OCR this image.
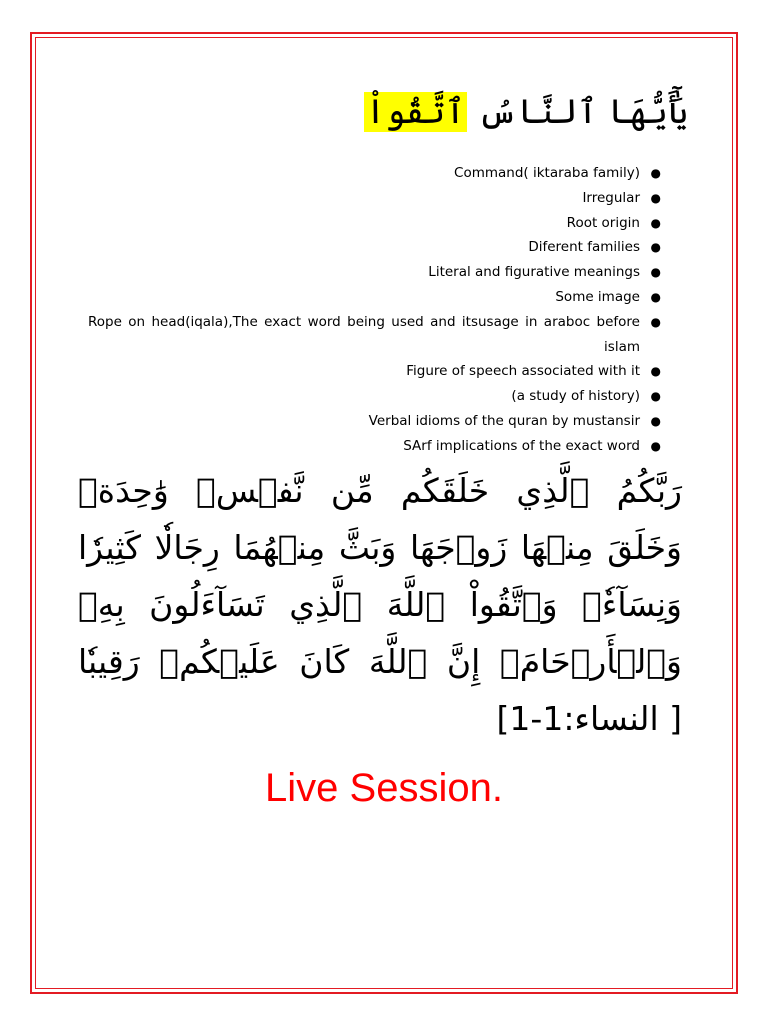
يَٰٓأَيُّهَا ٱلنَّاسُ ٱتَّقُواْ
Command( iktaraba family) ●
Irregular ●
Root origin ●
Diferent families ●
Literal and figurative meanings ●
Some image ●
Rope on head(iqala),The exact word being used and itsusage in araboc before islam
●
Figure of speech associated with it ●
(a study of history) ●
Verbal idioms of the quran by mustansir ●
SArf implications of the exact word ●
رَبَّكُمُ ٱلَّذِي خَلَقَكُم مِّن نَّفۡسٖ وَٰحِدَةٖ وَخَلَقَ مِنۡهَا زَوۡجَهَا وَبَثَّ مِنۡهُمَا رِجَالٗا كَثِيرٗا وَنِسَآءٗۚ وَٱتَّقُواْ ٱللَّهَ ٱلَّذِي تَسَآءَلُونَ بِهِۦ وَٱلۡأَرۡحَامَۚ إِنَّ ٱللَّهَ كَانَ عَلَيۡكُمۡ رَقِيبٗا [ النساء:1-1]
Live Session.
